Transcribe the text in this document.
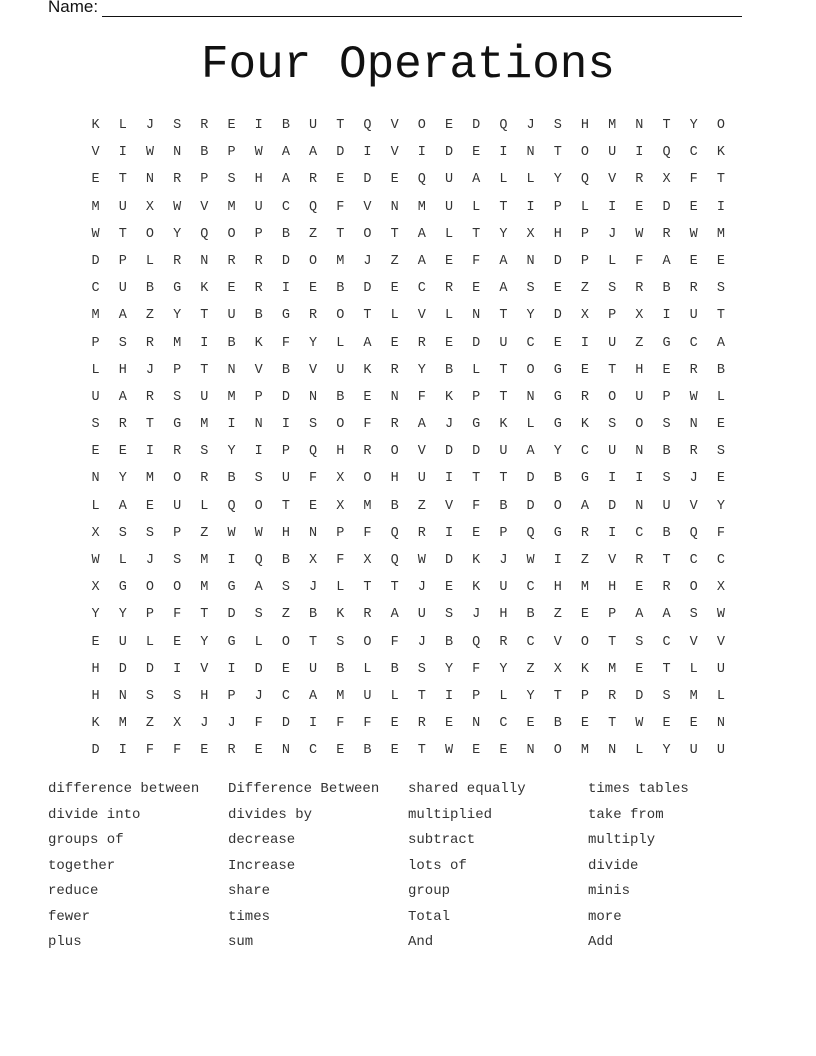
Name:
Four Operations
K	L	J	S	R	E	I	B	U	T	Q	V	O	E	D	Q	J	S	H	M	N	T	Y	O
V	I	W	N	B	P	W	A	A	D	I	V	I	D	E	I	N	T	O	U	I	Q	C	K
E	T	N	R	P	S	H	A	R	E	D	E	Q	U	A	L	L	Y	Q	V	R	X	F	T
M	U	X	W	V	M	U	C	Q	F	V	N	M	U	L	T	I	P	L	I	E	D	E	I
W	T	O	Y	Q	O	P	B	Z	T	O	T	A	L	T	Y	X	H	P	J	W	R	W	M
D	P	L	R	N	R	R	D	O	M	J	Z	A	E	F	A	N	D	P	L	F	A	E	E
C	U	B	G	K	E	R	I	E	B	D	E	C	R	E	A	S	E	Z	S	R	B	R	S
M	A	Z	Y	T	U	B	G	R	O	T	L	V	L	N	T	Y	D	X	P	X	I	U	T
P	S	R	M	I	B	K	F	Y	L	A	E	R	E	D	U	C	E	I	U	Z	G	C	A
L	H	J	P	T	N	V	B	V	U	K	R	Y	B	L	T	O	G	E	T	H	E	R	B
U	A	R	S	U	M	P	D	N	B	E	N	F	K	P	T	N	G	R	O	U	P	W	L
S	R	T	G	M	I	N	I	S	O	F	R	A	J	G	K	L	G	K	S	O	S	N	E
E	E	I	R	S	Y	I	P	Q	H	R	O	V	D	D	U	A	Y	C	U	N	B	R	S
N	Y	M	O	R	B	S	U	F	X	O	H	U	I	T	T	D	B	G	I	I	S	J	E
L	A	E	U	L	Q	O	T	E	X	M	B	Z	V	F	B	D	O	A	D	N	U	V	Y
X	S	S	P	Z	W	W	H	N	P	F	Q	R	I	E	P	Q	G	R	I	C	B	Q	F
W	L	J	S	M	I	Q	B	X	F	X	Q	W	D	K	J	W	I	Z	V	R	T	C	C
X	G	O	O	M	G	A	S	J	L	T	T	J	E	K	U	C	H	M	H	E	R	O	X
Y	Y	P	F	T	D	S	Z	B	K	R	A	U	S	J	H	B	Z	E	P	A	A	S	W
E	U	L	E	Y	G	L	O	T	S	O	F	J	B	Q	R	C	V	O	T	S	C	V	V
H	D	D	I	V	I	D	E	U	B	L	B	S	Y	F	Y	Z	X	K	M	E	T	L	U
H	N	S	S	H	P	J	C	A	M	U	L	T	I	P	L	Y	T	P	R	D	S	M	L
K	M	Z	X	J	J	F	D	I	F	F	E	R	E	N	C	E	B	E	T	W	E	E	N
D	I	F	F	E	R	E	N	C	E	B	E	T	W	E	E	N	O	M	N	L	Y	U	U
difference between
divide into
groups of
together
reduce
fewer
plus
Difference Between
divides by
decrease
Increase
share
times
sum
shared equally
multiplied
subtract
lots of
group
Total
And
times tables
take from
multiply
divide
minis
more
Add
